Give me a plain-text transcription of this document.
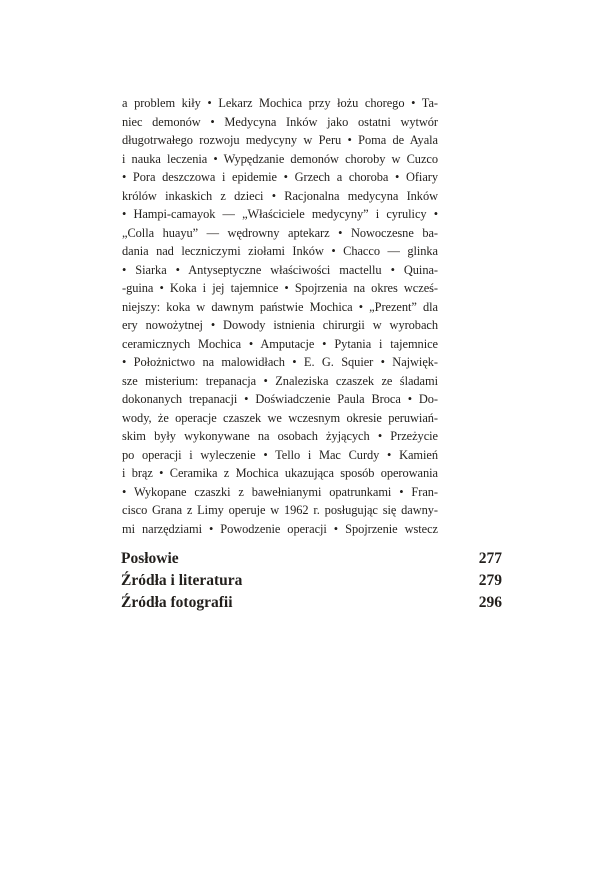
a problem kiły • Lekarz Mochica przy łożu chorego • Ta-
niec demonów • Medycyna Inków jako ostatni wytwór
długotrwałego rozwoju medycyny w Peru • Poma de Ayala
i nauka leczenia • Wypędzanie demonów choroby w Cuzco
• Pora deszczowa i epidemie • Grzech a choroba • Ofiary
królów inkaskich z dzieci • Racjonalna medycyna Inków
• Hampi-camayok — „Właściciele medycyny” i cyrulicy •
„Colla huayu” — wędrowny aptekarz • Nowoczesne ba-
dania nad leczniczymi ziołami Inków • Chacco — glinka
• Siarka • Antyseptyczne właściwości mactellu • Quina-
-guina • Koka i jej tajemnice • Spojrzenia na okres wcześ-
niejszy: koka w dawnym państwie Mochica • „Prezent” dla
ery nowożytnej • Dowody istnienia chirurgii w wyrobach
ceramicznych Mochica • Amputacje • Pytania i tajemnice
• Położnictwo na malowidłach • E. G. Squier • Najwięk-
sze misterium: trepanacja • Znaleziska czaszek ze śladami
dokonanych trepanacji • Doświadczenie Paula Broca • Do-
wody, że operacje czaszek we wczesnym okresie peruwiań-
skim były wykonywane na osobach żyjących • Przeżycie
po operacji i wyleczenie • Tello i Mac Curdy • Kamień
i brąz • Ceramika z Mochica ukazująca sposób operowania
• Wykopane czaszki z bawełnianymi opatrunkami • Fran-
cisco Grana z Limy operuje w 1962 r. posługując się dawny-
mi narzędziami • Powodzenie operacji • Spojrzenie wstecz
Posłowie	277
Źródła i literatura	279
Źródła fotografii	296
